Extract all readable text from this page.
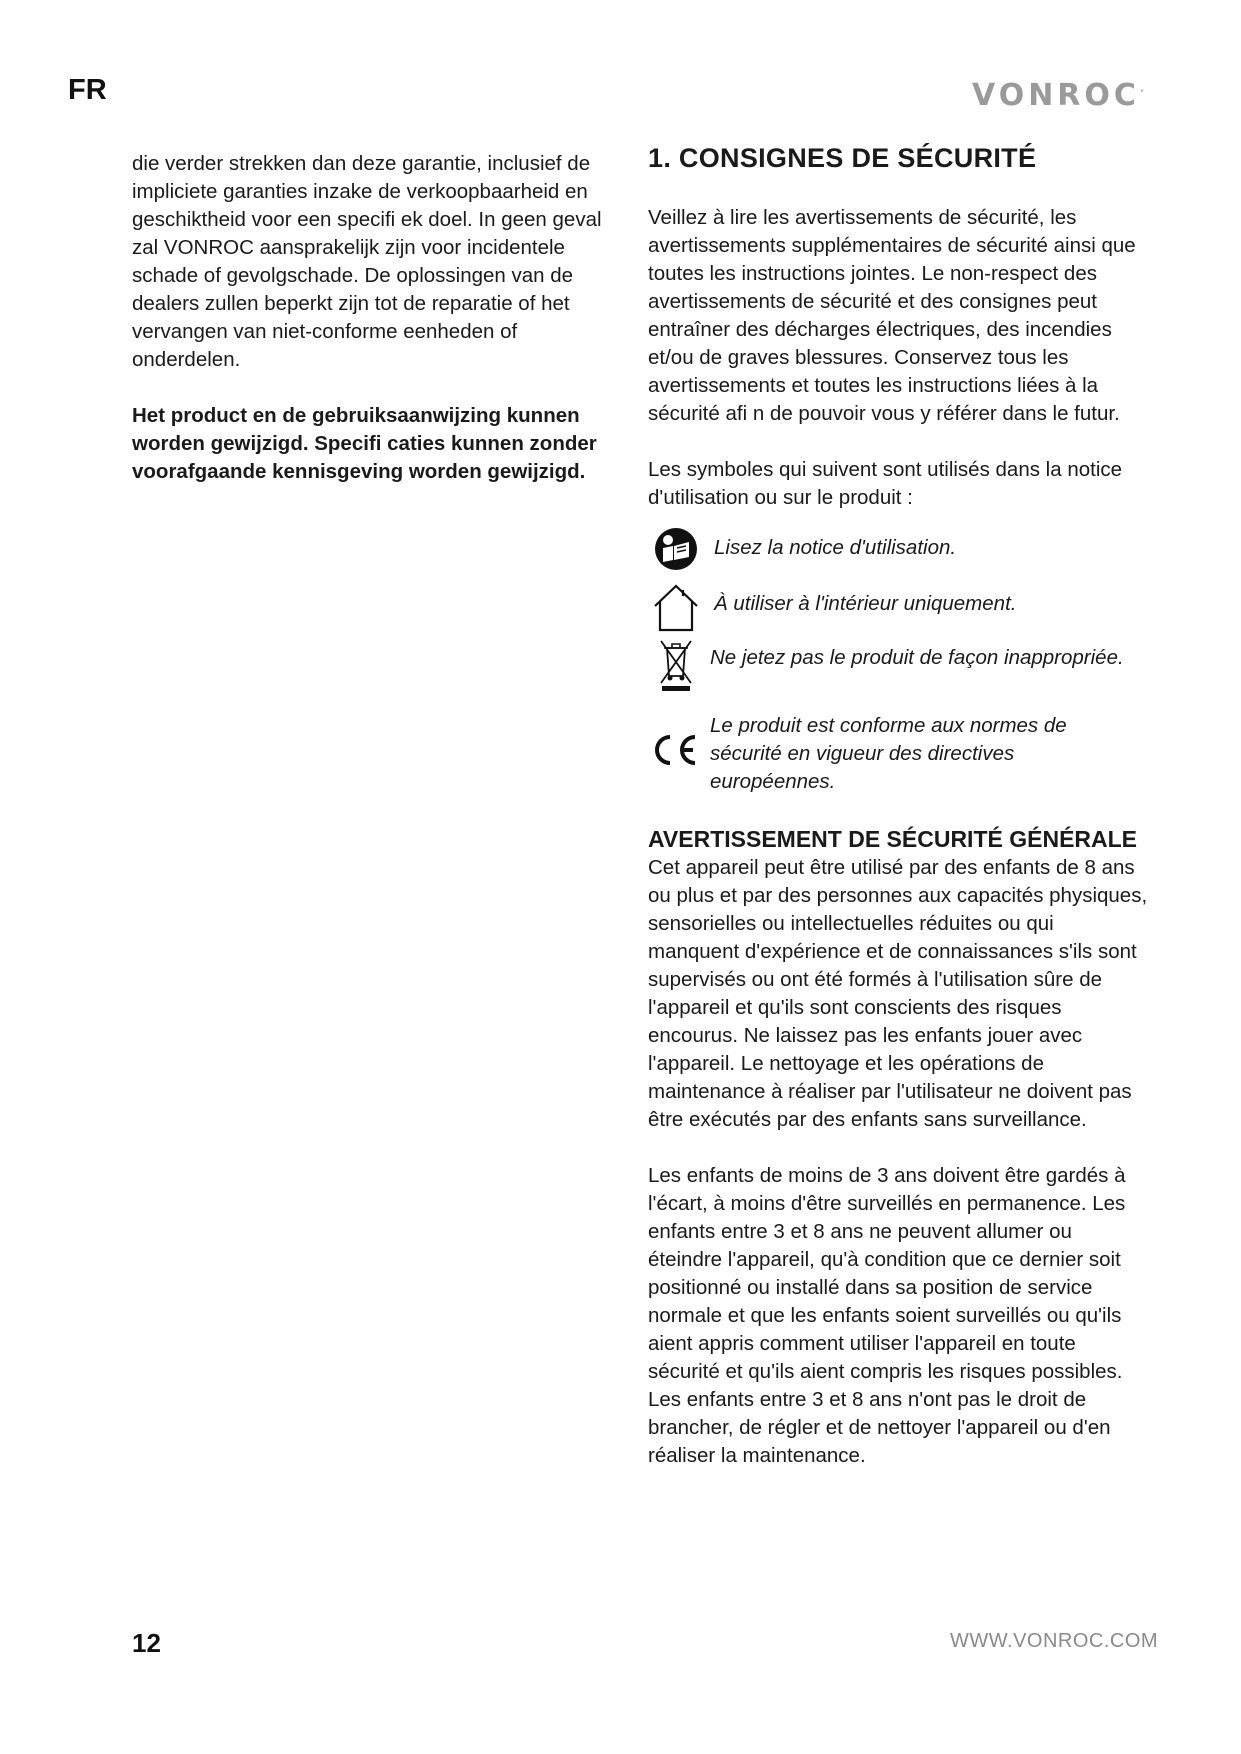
FR	VONROC·

die verder strekken dan deze garantie, inclusief de impliciete garanties inzake de verkoopbaarheid en geschiktheid voor een specifi ek doel. In geen geval zal VONROC aansprakelijk zijn voor incidentele schade of gevolgschade. De oplossingen van de dealers zullen beperkt zijn tot de reparatie of het vervangen van niet-conforme eenheden of onderdelen.

Het product en de gebruiksaanwijzing kunnen worden gewijzigd. Specifi caties kunnen zonder voorafgaande kennisgeving worden gewijzigd.

1. CONSIGNES DE SÉCURITÉ

Veillez à lire les avertissements de sécurité, les avertissements supplémentaires de sécurité ainsi que toutes les instructions jointes. Le non-respect des avertissements de sécurité et des consignes peut entraîner des décharges électriques, des incendies et/ou de graves blessures. Conservez tous les avertissements et toutes les instructions liées à la sécurité afi n de pouvoir vous y référer dans le futur.

Les symboles qui suivent sont utilisés dans la notice d'utilisation ou sur le produit :

Lisez la notice d'utilisation.
À utiliser à l'intérieur uniquement.
Ne jetez pas le produit de façon inappropriée.
Le produit est conforme aux normes de sécurité en vigueur des directives européennes.
AVERTISSEMENT DE SÉCURITÉ GÉNÉRALE

Cet appareil peut être utilisé par des enfants de 8 ans ou plus et par des personnes aux capacités physiques, sensorielles ou intellectuelles réduites ou qui manquent d'expérience et de connaissances s'ils sont supervisés ou ont été formés à l'utilisation sûre de l'appareil et qu'ils sont conscients des risques encourus. Ne laissez pas les enfants jouer avec l'appareil. Le nettoyage et les opérations de maintenance à réaliser par l'utilisateur ne doivent pas être exécutés par des enfants sans surveillance.

Les enfants de moins de 3 ans doivent être gardés à l'écart, à moins d'être surveillés en permanence. Les enfants entre 3 et 8 ans ne peuvent allumer ou éteindre l'appareil, qu'à condition que ce dernier soit positionné ou installé dans sa position de service normale et que les enfants soient surveillés ou qu'ils aient appris comment utiliser l'appareil en toute sécurité et qu'ils aient compris les risques possibles. Les enfants entre 3 et 8 ans n'ont pas le droit de brancher, de régler et de nettoyer l'appareil ou d'en réaliser la maintenance.

12	WWW.VONROC.COM
